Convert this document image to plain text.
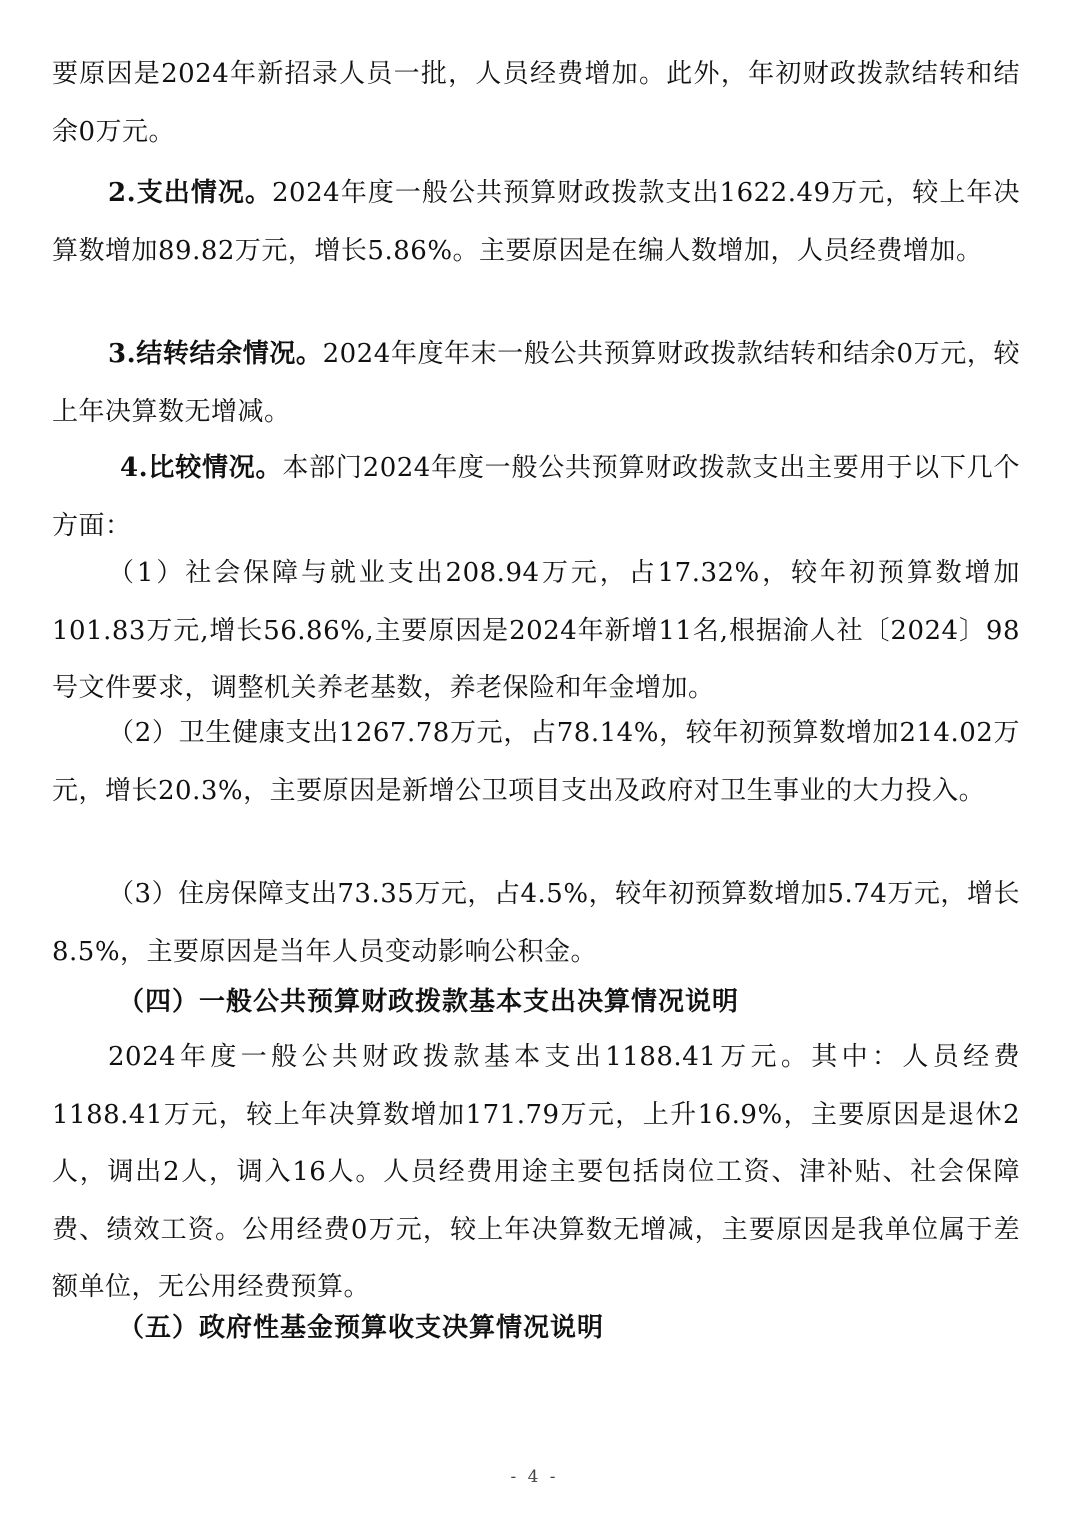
要原因是2024年新招录人员一批，人员经费增加。此外，年初财政拨款结转和结余0万元。

2.支出情况。2024年度一般公共预算财政拨款支出1622.49万元，较上年决算数增加89.82万元，增长5.86%。主要原因是在编人数增加，人员经费增加。

3.结转结余情况。2024年度年末一般公共预算财政拨款结转和结余0万元，较上年决算数无增减。

4.比较情况。本部门2024年度一般公共预算财政拨款支出主要用于以下几个方面：

（1）社会保障与就业支出208.94万元，占17.32%，较年初预算数增加101.83万元,增长56.86%,主要原因是2024年新增11名,根据渝人社〔2024〕98号文件要求，调整机关养老基数，养老保险和年金增加。

（2）卫生健康支出1267.78万元，占78.14%，较年初预算数增加214.02万元，增长20.3%，主要原因是新增公卫项目支出及政府对卫生事业的大力投入。

（3）住房保障支出73.35万元，占4.5%，较年初预算数增加5.74万元，增长8.5%，主要原因是当年人员变动影响公积金。

（四）一般公共预算财政拨款基本支出决算情况说明

2024年度一般公共财政拨款基本支出1188.41万元。其中：人员经费1188.41万元，较上年决算数增加171.79万元，上升16.9%，主要原因是退休2人，调出2人，调入16人。人员经费用途主要包括岗位工资、津补贴、社会保障费、绩效工资。公用经费0万元，较上年决算数无增减，主要原因是我单位属于差额单位，无公用经费预算。

（五）政府性基金预算收支决算情况说明

- 4 -
